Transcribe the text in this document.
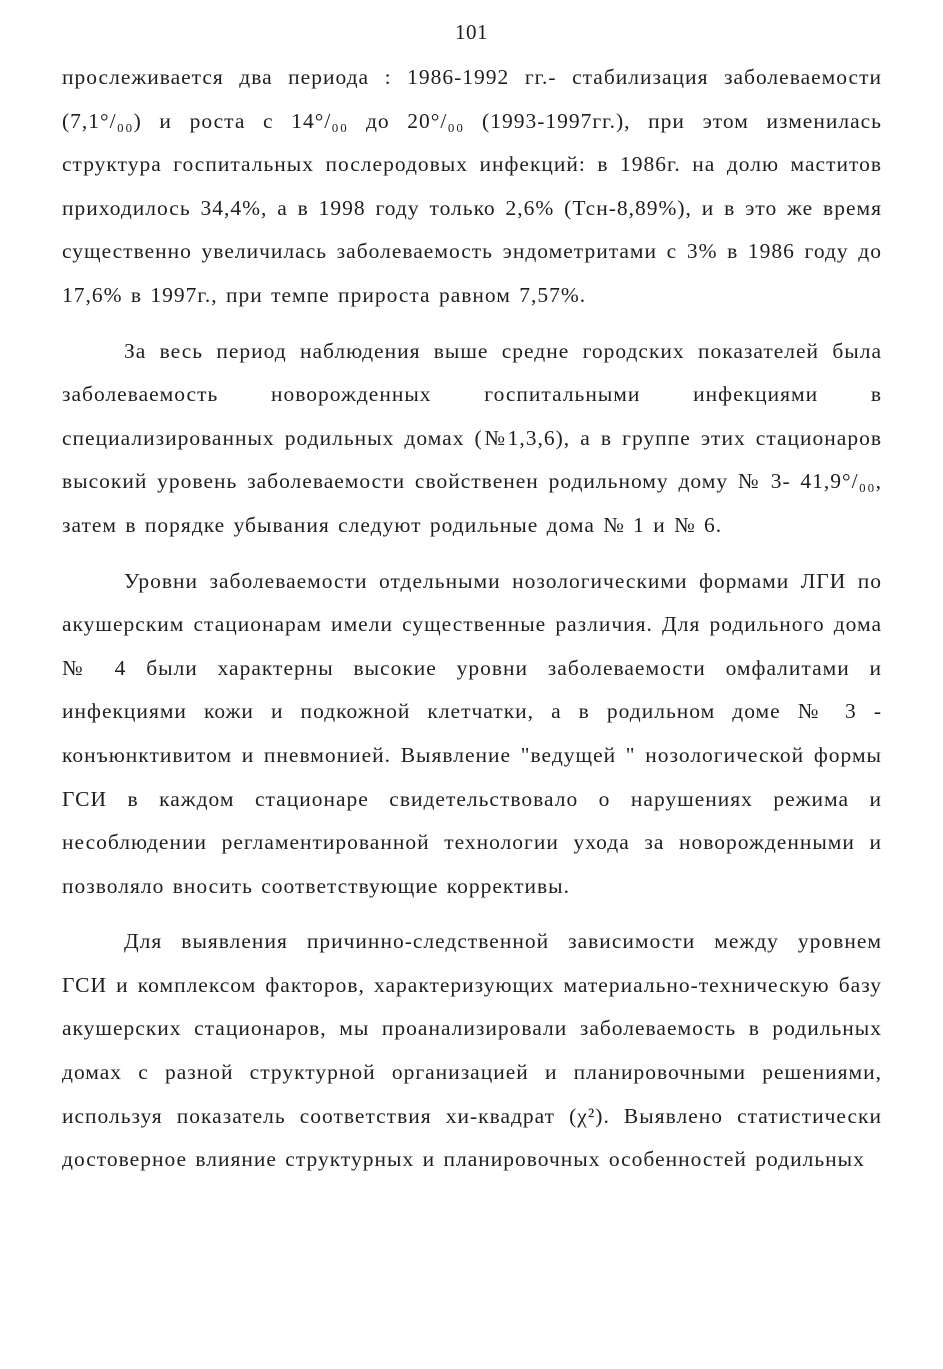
101

прослеживается два периода : 1986-1992 гг.- стабилизация заболеваемости (7,1°/₀₀) и роста с 14°/₀₀ до 20°/₀₀ (1993-1997гг.), при этом изменилась структура госпитальных послеродовых инфекций: в 1986г. на долю маститов приходилось 34,4%, а в 1998 году только 2,6% (Тсн-8,89%), и в это же время существенно увеличилась заболеваемость эндометритами с 3% в 1986 году до 17,6% в 1997г., при темпе прироста равном 7,57%.

За весь период наблюдения выше средне городских показателей была заболеваемость новорожденных госпитальными инфекциями в специализированных родильных домах (№1,3,6), а в группе этих стационаров высокий уровень заболеваемости свойственен родильному дому № 3- 41,9°/₀₀, затем в порядке убывания следуют родильные дома № 1 и № 6.

Уровни заболеваемости отдельными нозологическими формами ЛГИ по акушерским стационарам имели существенные различия. Для родильного дома № 4 были характерны высокие уровни заболеваемости омфалитами и инфекциями кожи и подкожной клетчатки, а в родильном доме № 3 - конъюнктивитом и пневмонией. Выявление "ведущей " нозологической формы ГСИ в каждом стационаре свидетельствовало о нарушениях режима и несоблюдении регламентированной технологии ухода за новорожденными и позволяло вносить соответствующие коррективы.

Для выявления причинно-следственной зависимости между уровнем ГСИ и комплексом факторов, характеризующих материально-техническую базу акушерских стационаров, мы проанализировали заболеваемость в родильных домах с разной структурной организацией и планировочными решениями, используя показатель соответствия хи-квадрат (χ²). Выявлено статистически достоверное влияние структурных и планировочных особенностей родильных
